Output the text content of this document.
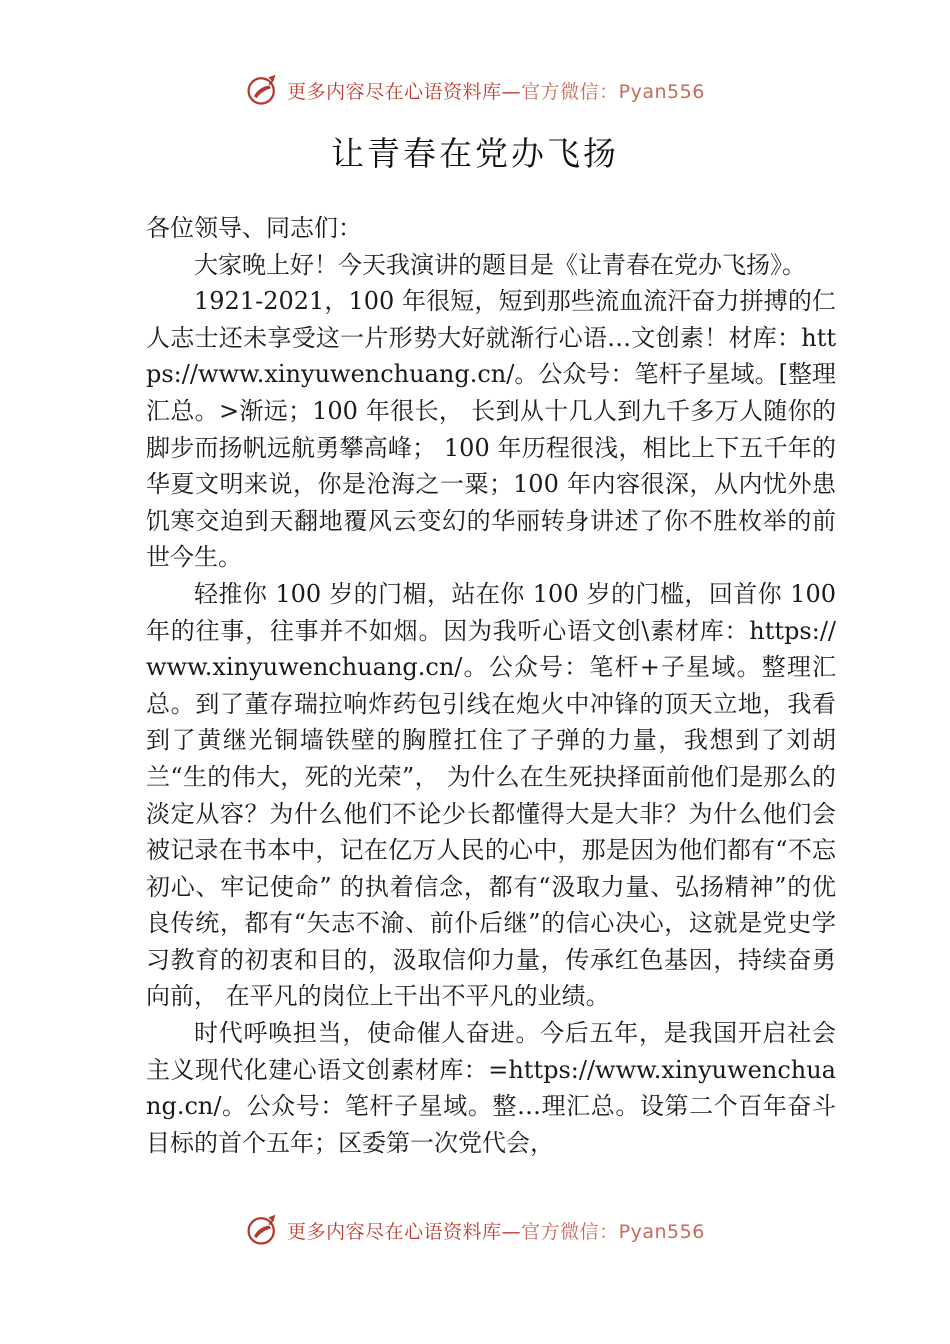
更多内容尽在心语资料库—官方微信：Pyan556
让青春在党办飞扬

各位领导、同志们：

大家晚上好！今天我演讲的题目是《让青春在党办飞扬》。

1921-2021，100 年很短，短到那些流血流汗奋力拼搏的仁人志士还未享受这一片形势大好就渐行心语…文创素！材库：https://www.xinyuwenchuang.cn/。公众号：笔杆子星域。[整理汇总。>渐远；100 年很长， 长到从十几人到九千多万人随你的脚步而扬帆远航勇攀高峰； 100 年历程很浅，相比上下五千年的华夏文明来说，你是沧海之一粟；100 年内容很深，从内忧外患饥寒交迫到天翻地覆风云变幻的华丽转身讲述了你不胜枚举的前世今生。

轻推你 100 岁的门楣，站在你 100 岁的门槛，回首你 100 年的往事，往事并不如烟。因为我听心语文创\素材库：https://www.xinyuwenchuang.cn/。公众号：笔杆+子星域。整理汇总。到了董存瑞拉响炸药包引线在炮火中冲锋的顶天立地，我看到了黄继光铜墙铁壁的胸膛扛住了子弹的力量，我想到了刘胡兰“生的伟大，死的光荣”， 为什么在生死抉择面前他们是那么的淡定从容？为什么他们不论少长都懂得大是大非？为什么他们会被记录在书本中，记在亿万人民的心中，那是因为他们都有“不忘初心、牢记使命” 的执着信念，都有“汲取力量、弘扬精神”的优良传统，都有“矢志不渝、前仆后继”的信心决心，这就是党史学习教育的初衷和目的，汲取信仰力量，传承红色基因，持续奋勇向前， 在平凡的岗位上干出不平凡的业绩。

时代呼唤担当，使命催人奋进。今后五年，是我国开启社会主义现代化建心语文创素材库：=https://www.xinyuwenchuang.cn/。公众号：笔杆子星域。整…理汇总。设第二个百年奋斗目标的首个五年；区委第一次党代会，

更多内容尽在心语资料库—官方微信：Pyan556
